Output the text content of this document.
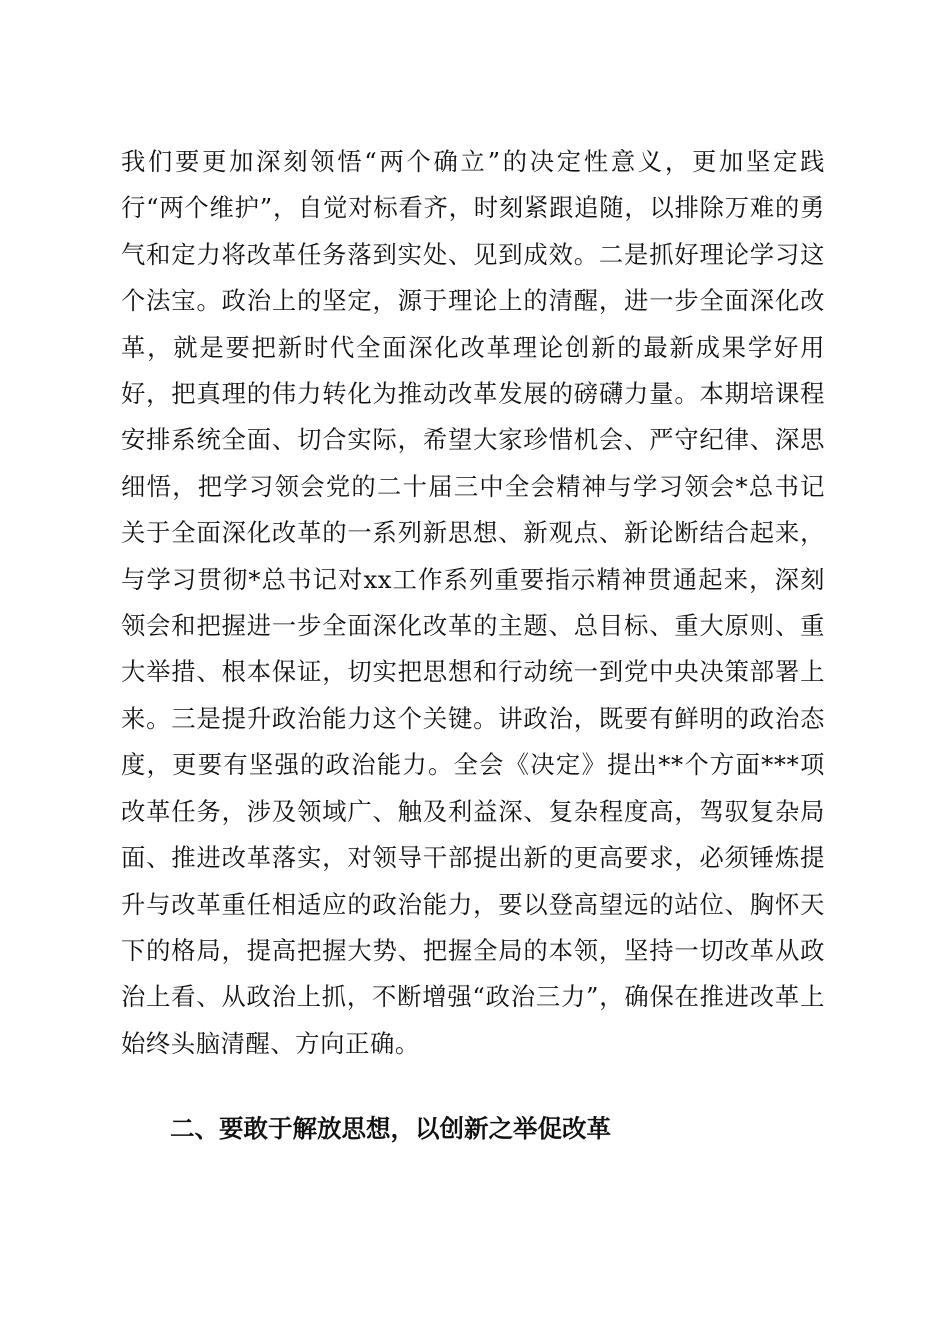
我们要更加深刻领悟“两个确立”的决定性意义，更加坚定践行“两个维护”，自觉对标看齐，时刻紧跟追随，以排除万难的勇气和定力将改革任务落到实处、见到成效。二是抓好理论学习这个法宝。政治上的坚定，源于理论上的清醒，进一步全面深化改革，就是要把新时代全面深化改革理论创新的最新成果学好用好，把真理的伟力转化为推动改革发展的磅礴力量。本期培课程安排系统全面、切合实际，希望大家珍惜机会、严守纪律、深思细悟，把学习领会党的二十届三中全会精神与学习领会*总书记关于全面深化改革的一系列新思想、新观点、新论断结合起来，与学习贯彻*总书记对xx工作系列重要指示精神贯通起来，深刻领会和把握进一步全面深化改革的主题、总目标、重大原则、重大举措、根本保证，切实把思想和行动统一到党中央决策部署上来。三是提升政治能力这个关键。讲政治，既要有鲜明的政治态度，更要有坚强的政治能力。全会《决定》提出**个方面***项改革任务，涉及领域广、触及利益深、复杂程度高，驾驭复杂局面、推进改革落实，对领导干部提出新的更高要求，必须锤炼提升与改革重任相适应的政治能力，要以登高望远的站位、胸怀天下的格局，提高把握大势、把握全局的本领，坚持一切改革从政治上看、从政治上抓，不断增强“政治三力”，确保在推进改革上始终头脑清醒、方向正确。

二、要敢于解放思想，以创新之举促改革
